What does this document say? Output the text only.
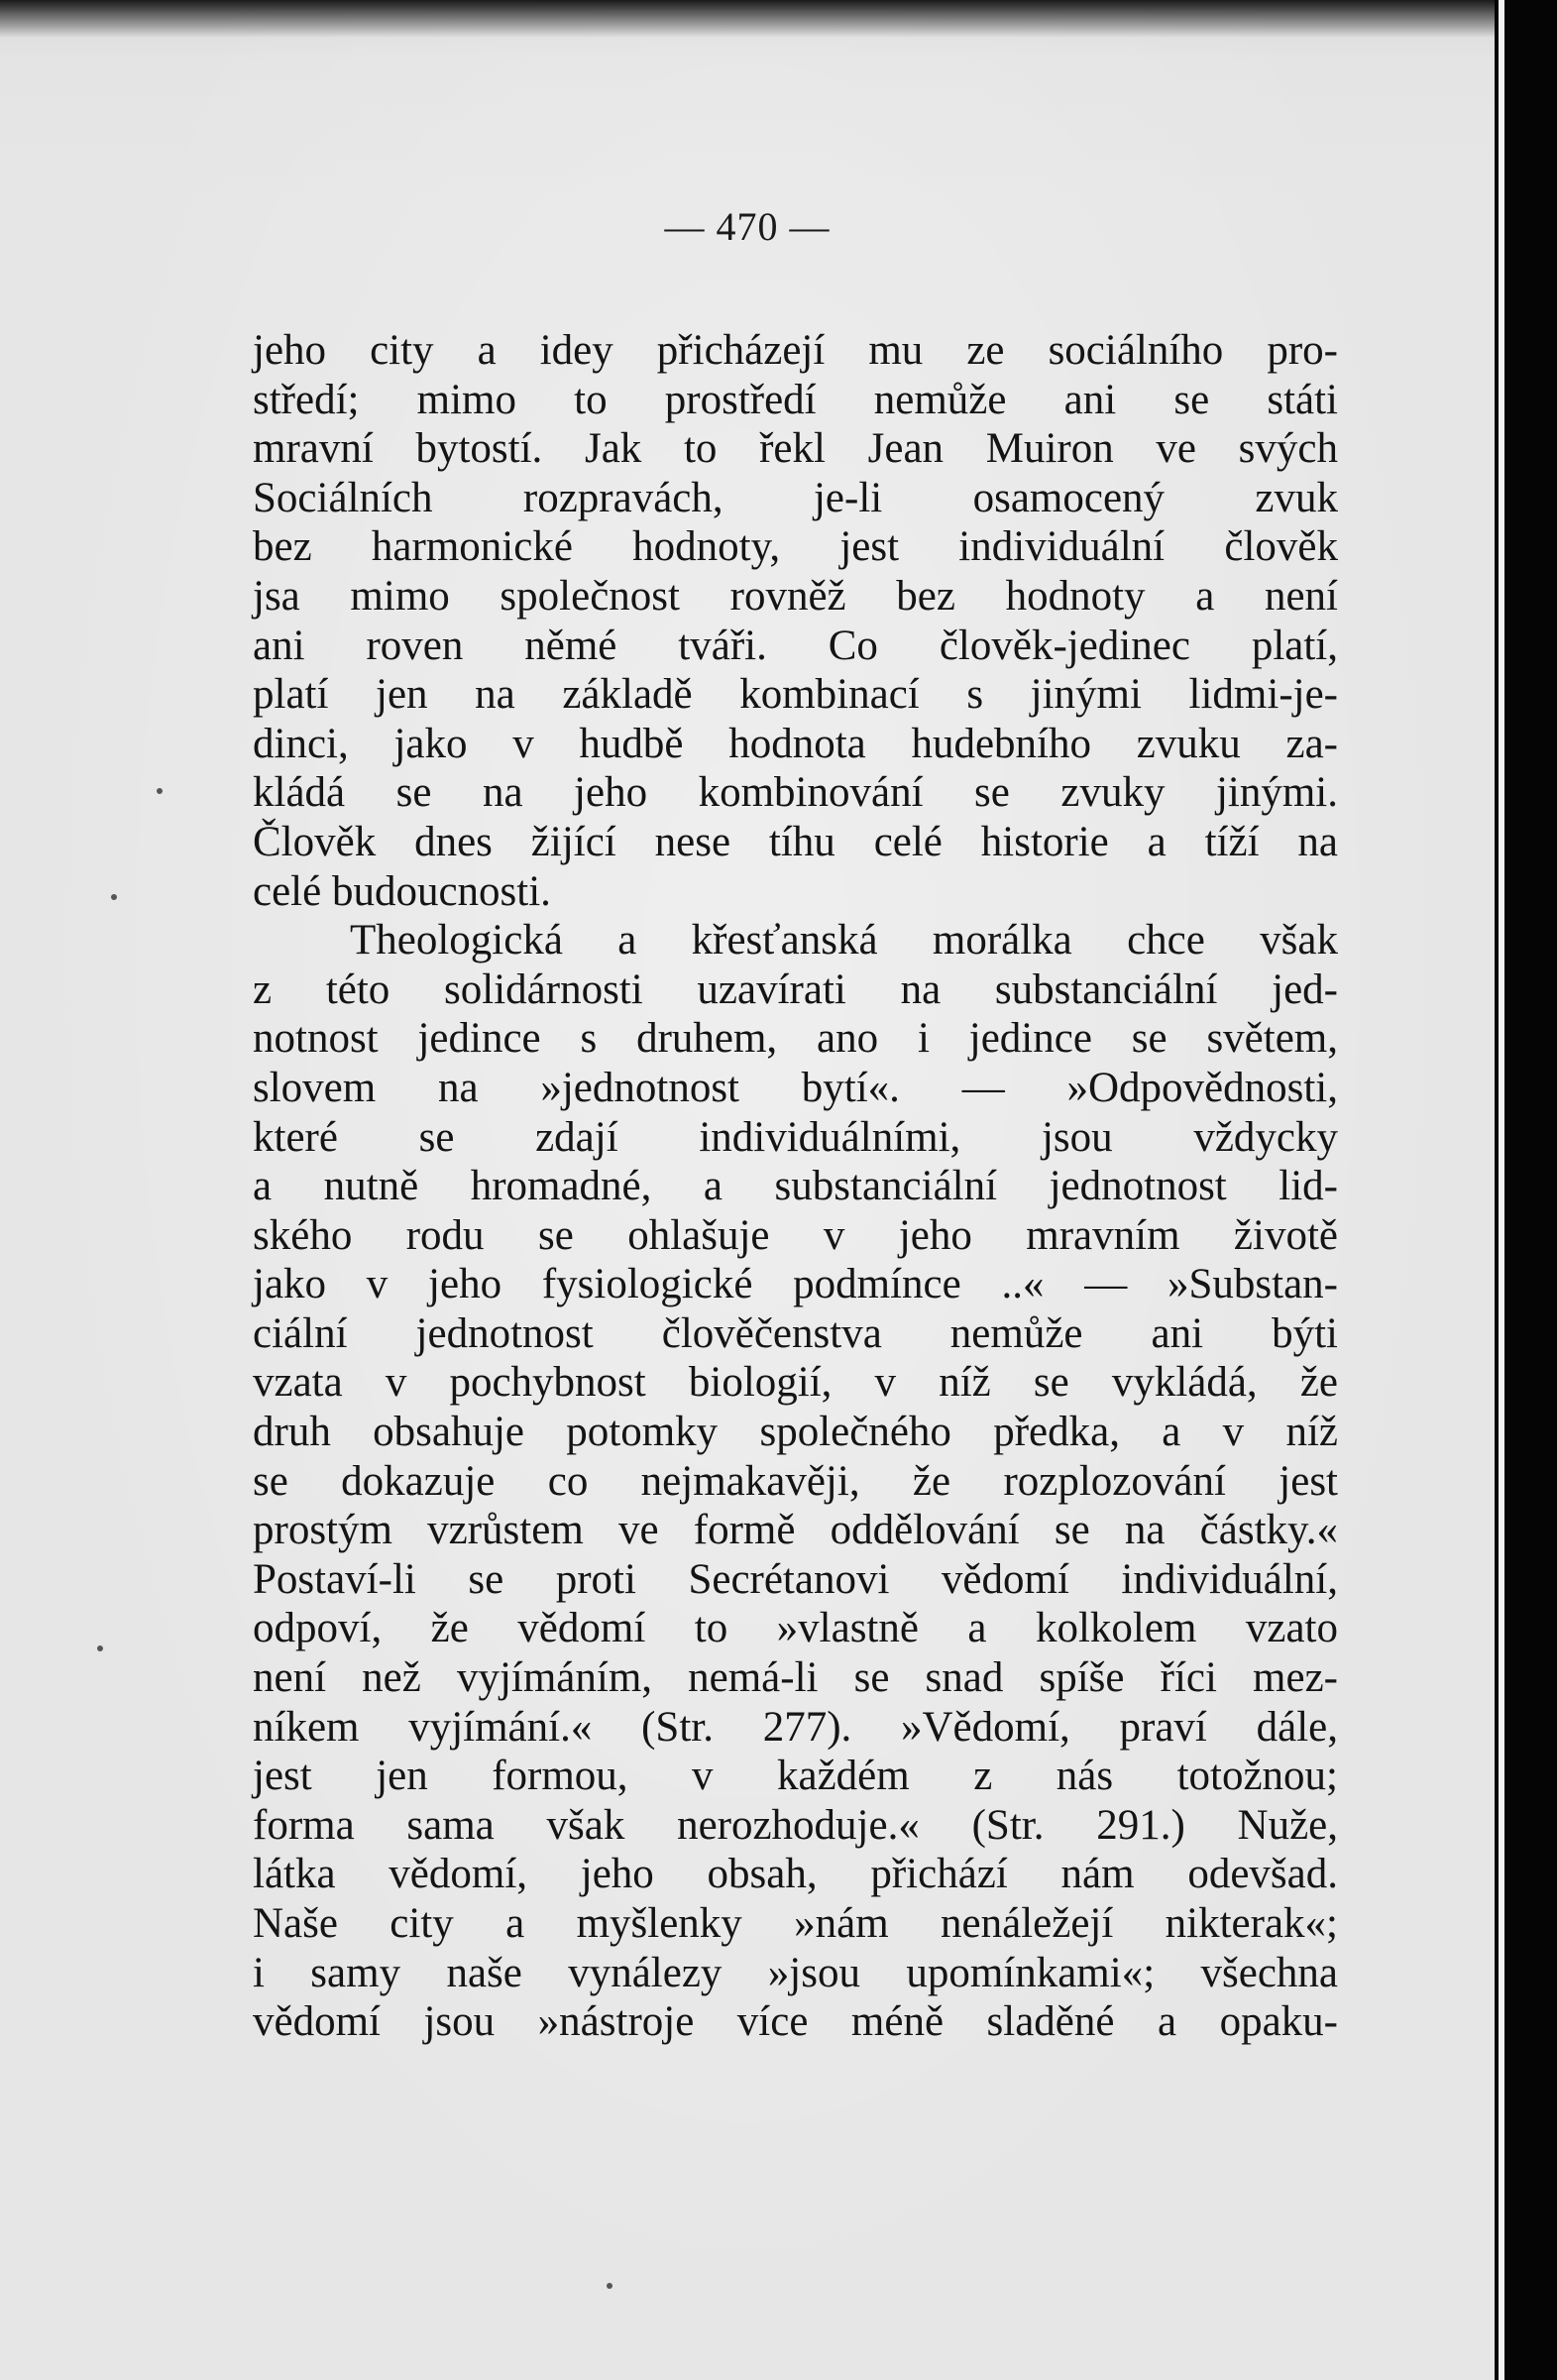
— 470 —
jeho city a idey přicházejí mu ze sociálního pro-
středí; mimo to prostředí nemůže ani se státi
mravní bytostí. Jak to řekl Jean Muiron ve svých
Sociálních rozpravách, je-li osamocený zvuk
bez harmonické hodnoty, jest individuální člověk
jsa mimo společnost rovněž bez hodnoty a není
ani roven němé tváři. Co člověk-jedinec platí,
platí jen na základě kombinací s jinými lidmi-je-
dinci, jako v hudbě hodnota hudebního zvuku za-
kládá se na jeho kombinování se zvuky jinými.
Člověk dnes žijící nese tíhu celé historie a tíží na
celé budoucnosti.
Theologická a křesťanská morálka chce však
z této solidárnosti uzavírati na substanciální jed-
notnost jedince s druhem, ano i jedince se světem,
slovem na »jednotnost bytí«. — »Odpovědnosti,
které se zdají individuálními, jsou vždycky
a nutně hromadné, a substanciální jednotnost lid-
ského rodu se ohlašuje v jeho mravním životě
jako v jeho fysiologické podmínce ..« — »Substan-
ciální jednotnost člověčenstva nemůže ani býti
vzata v pochybnost biologií, v níž se vykládá, že
druh obsahuje potomky společného předka, a v níž
se dokazuje co nejmakavěji, že rozplozování jest
prostým vzrůstem ve formě oddělování se na částky.«
Postaví-li se proti Secrétanovi vědomí individuální,
odpoví, že vědomí to »vlastně a kolkolem vzato
není než vyjímáním, nemá-li se snad spíše říci mez-
níkem vyjímání.« (Str. 277). »Vědomí, praví dále,
jest jen formou, v každém z nás totožnou;
forma sama však nerozhoduje.« (Str. 291.) Nuže,
látka vědomí, jeho obsah, přichází nám odevšad.
Naše city a myšlenky »nám nenáležejí nikterak«;
i samy naše vynálezy »jsou upomínkami«; všechna
vědomí jsou »nástroje více méně sladěné a opaku-
